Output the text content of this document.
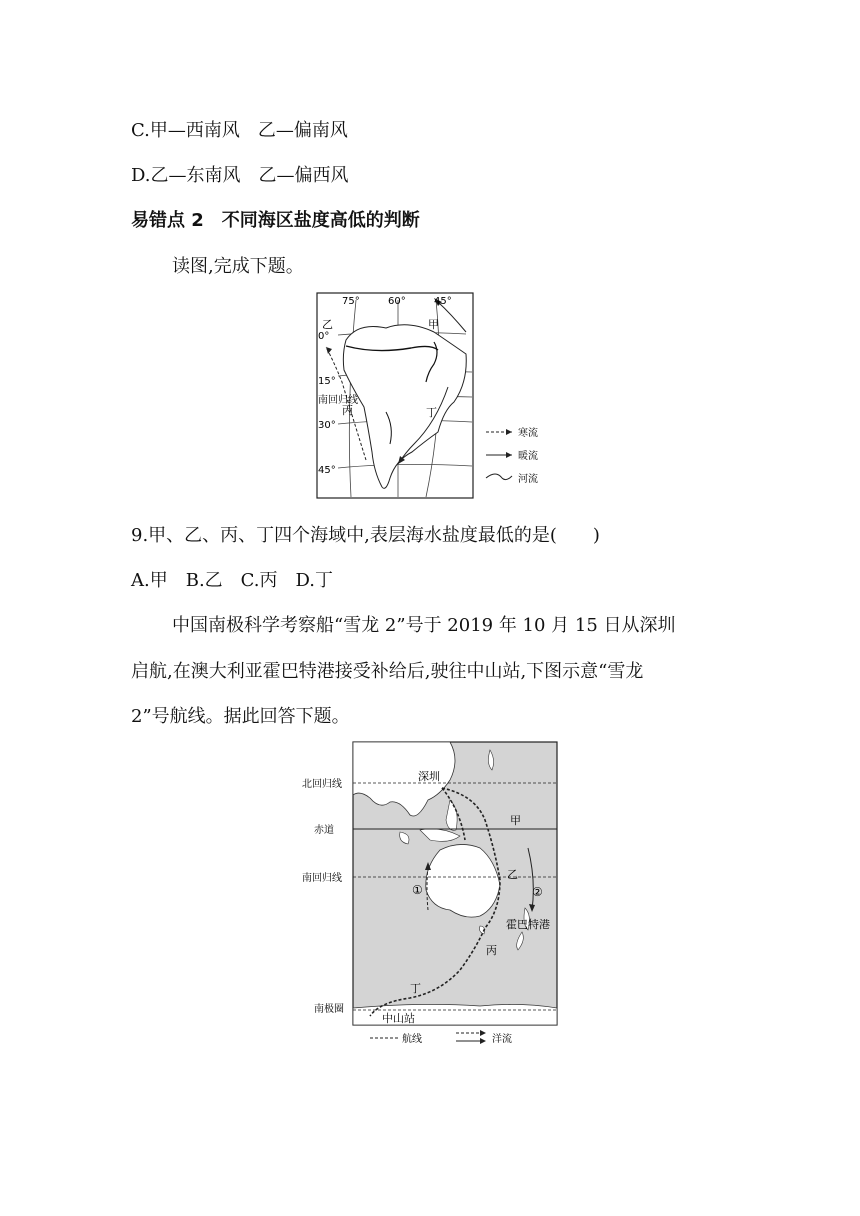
C.甲—西南风　乙—偏南风
D.乙—东南风　乙—偏西风
易错点 2　不同海区盐度高低的判断
读图,完成下题。
75°	60°	45°
0°
15°
南回归线
30°
45°
甲
乙
丙	丁
寒流
暖流
河流
9.甲、乙、丙、丁四个海域中,表层海水盐度最低的是(　　)
A.甲　B.乙　C.丙　D.丁
中国南极科学考察船“雪龙 2”号于 2019 年 10 月 15 日从深圳
启航,在澳大利亚霍巴特港接受补给后,驶往中山站,下图示意“雪龙
2”号航线。据此回答下题。
北回归线
赤道
南回归线
南极圈
深圳
霍巴特港
中山站
甲
乙
丙
丁
①	②
航线	洋流
